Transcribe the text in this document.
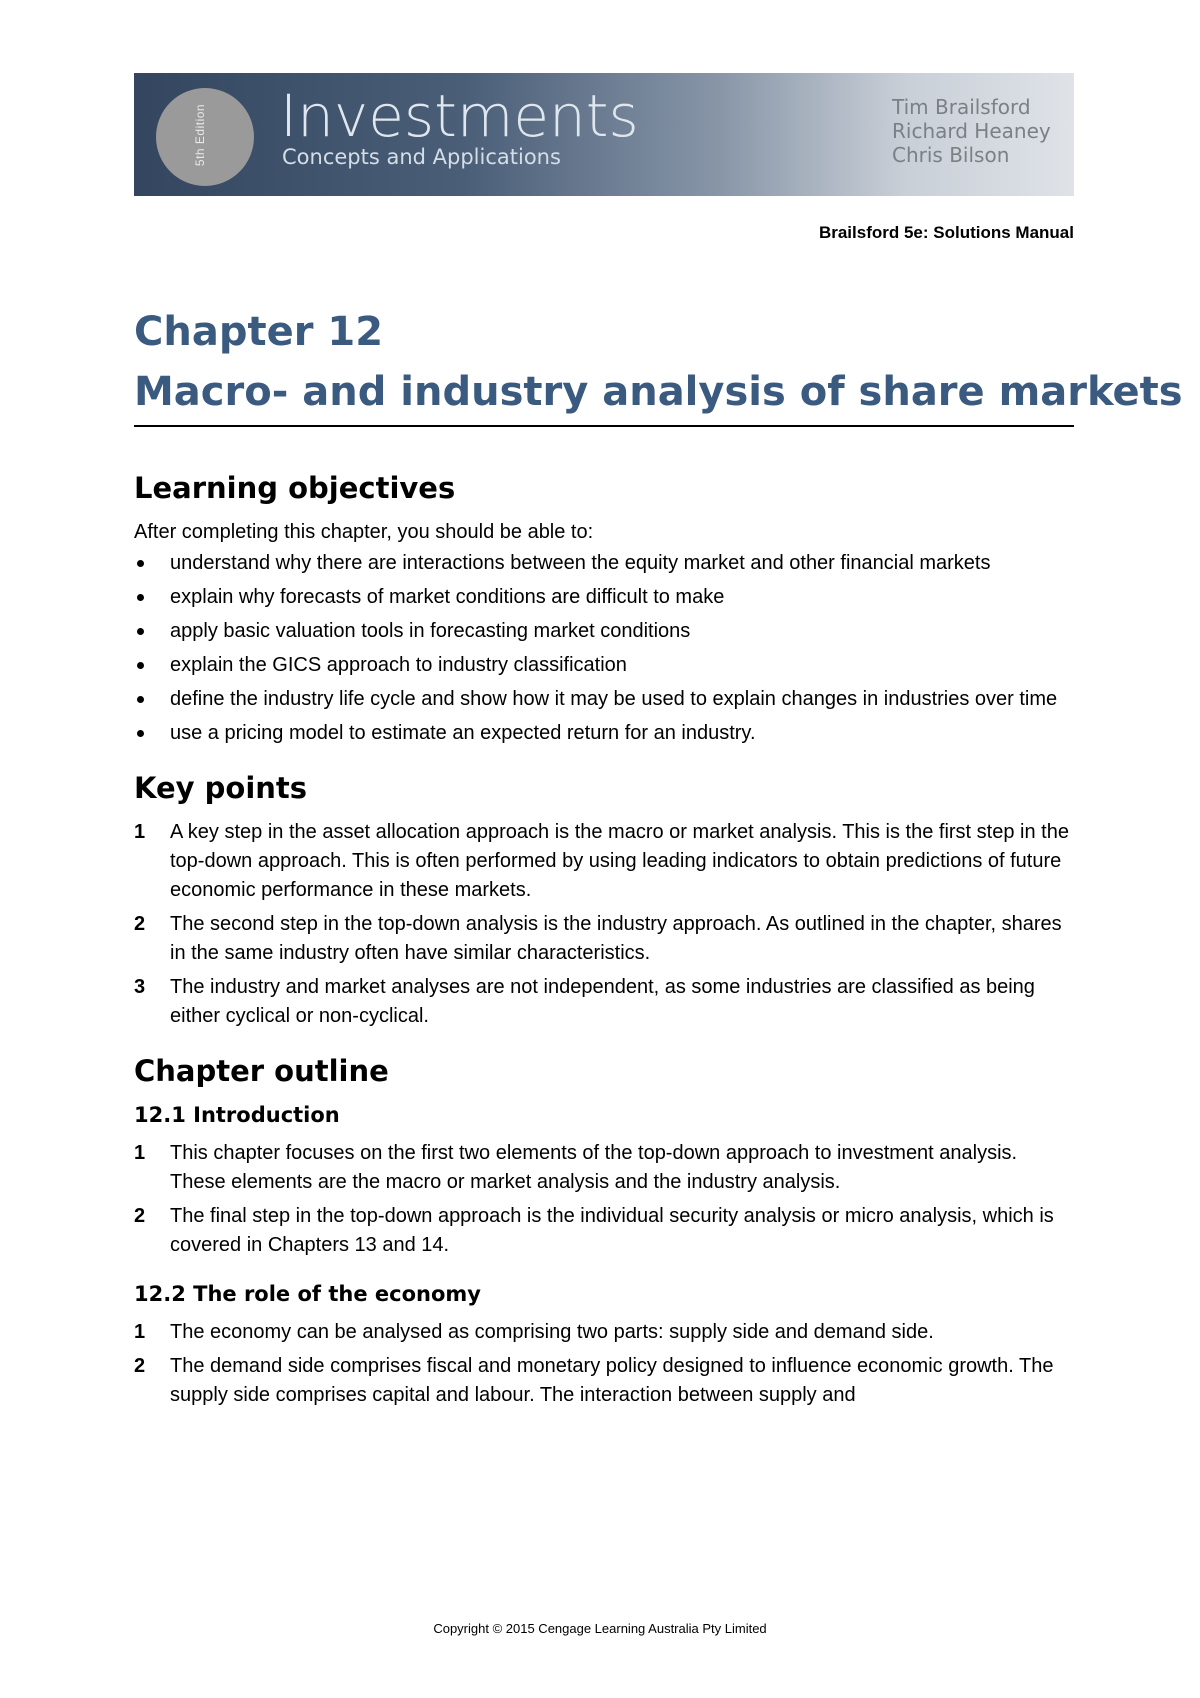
5th Edition Investments
Concepts and Applications
Tim Brailsford
Richard Heaney
Chris Bilson
Brailsford 5e: Solutions Manual
Chapter 12
Macro- and industry analysis of share markets
Learning objectives

After completing this chapter, you should be able to:

understand why there are interactions between the equity market and other financial markets
explain why forecasts of market conditions are difficult to make
apply basic valuation tools in forecasting market conditions
explain the GICS approach to industry classification
define the industry life cycle and show how it may be used to explain changes in industries over time
use a pricing model to estimate an expected return for an industry.
Key points
1 A key step in the asset allocation approach is the macro or market analysis. This is the first step in the top-down approach. This is often performed by using leading indicators to obtain predictions of future economic performance in these markets.
2 The second step in the top-down analysis is the industry approach. As outlined in the chapter, shares in the same industry often have similar characteristics.
3 The industry and market analyses are not independent, as some industries are classified as being either cyclical or non-cyclical.
Chapter outline
12.1 Introduction
1 This chapter focuses on the first two elements of the top-down approach to investment analysis. These elements are the macro or market analysis and the industry analysis.
2 The final step in the top-down approach is the individual security analysis or micro analysis, which is covered in Chapters 13 and 14.
12.2 The role of the economy
1 The economy can be analysed as comprising two parts: supply side and demand side.
2 The demand side comprises fiscal and monetary policy designed to influence economic growth. The supply side comprises capital and labour. The interaction between supply and
Copyright © 2015 Cengage Learning Australia Pty Limited
